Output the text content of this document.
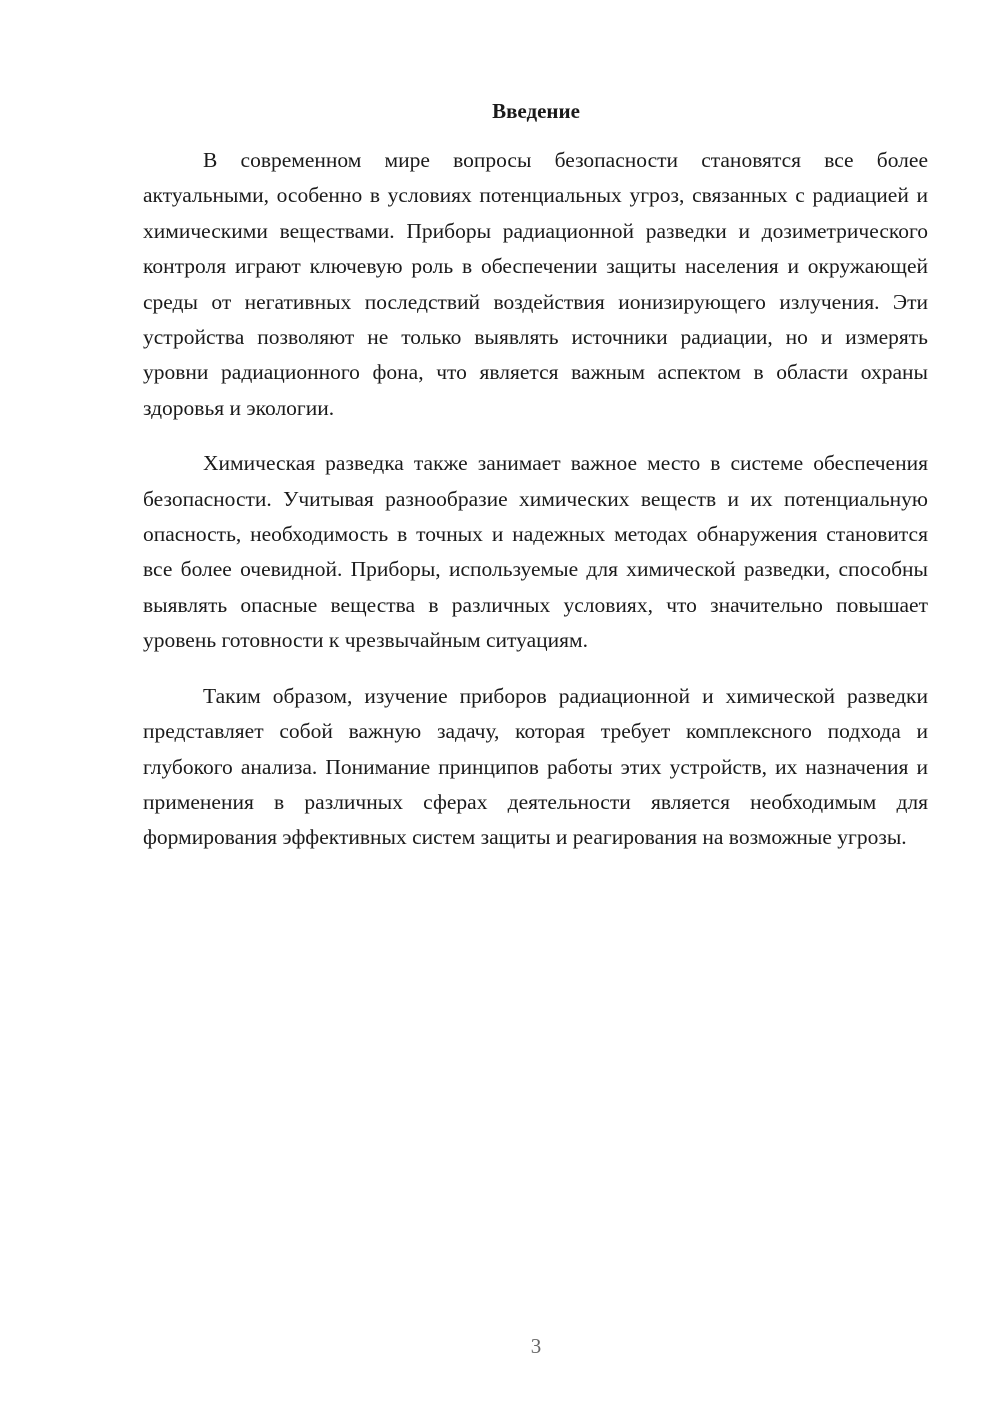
Введение

В современном мире вопросы безопасности становятся все более актуальными, особенно в условиях потенциальных угроз, связанных с радиацией и химическими веществами. Приборы радиационной разведки и дозиметрического контроля играют ключевую роль в обеспечении защиты населения и окружающей среды от негативных последствий воздействия ионизирующего излучения. Эти устройства позволяют не только выявлять источники радиации, но и измерять уровни радиационного фона, что является важным аспектом в области охраны здоровья и экологии.

Химическая разведка также занимает важное место в системе обеспечения безопасности. Учитывая разнообразие химических веществ и их потенциальную опасность, необходимость в точных и надежных методах обнаружения становится все более очевидной. Приборы, используемые для химической разведки, способны выявлять опасные вещества в различных условиях, что значительно повышает уровень готовности к чрезвычайным ситуациям.

Таким образом, изучение приборов радиационной и химической разведки представляет собой важную задачу, которая требует комплексного подхода и глубокого анализа. Понимание принципов работы этих устройств, их назначения и применения в различных сферах деятельности является необходимым для формирования эффективных систем защиты и реагирования на возможные угрозы.

3
